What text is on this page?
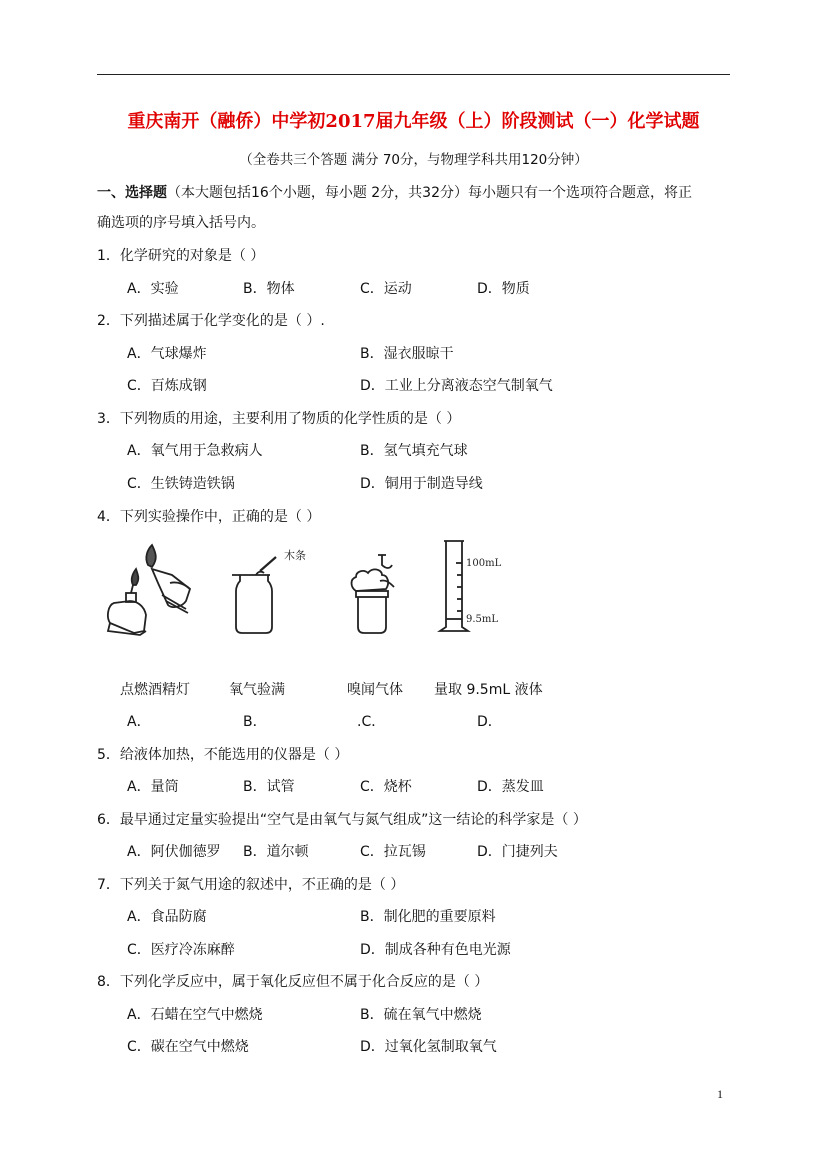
重庆南开（融侨）中学初2017届九年级（上）阶段测试（一）化学试题
（全卷共三个答题 满分 70分，与物理学科共用120分钟）
一、选择题（本大题包括16个小题，每小题 2分，共32分）每小题只有一个选项符合题意，将正
确选项的序号填入括号内。
1．化学研究的对象是（ ）
A．实验	B．物体	C．运动	D．物质
2．下列描述属于化学变化的是（ ）.
A．气球爆炸	B．湿衣服晾干
C．百炼成钢	D．工业上分离液态空气制氧气
3．下列物质的用途，主要利用了物质的化学性质的是（ ）
A．氧气用于急救病人	B．氢气填充气球
C．生铁铸造铁锅	D．铜用于制造导线
4．下列实验操作中，正确的是（ ）
木条
100mL
9.5mL
点燃酒精灯	氧气验满	嗅闻气体 量取 9.5mL 液体
A．	B．	.C．	D．
5．给液体加热，不能选用的仪器是（ ）
A．量筒	B．试管	C．烧杯	D．蒸发皿
6．最早通过定量实验提出“空气是由氧气与氮气组成”这一结论的科学家是（ ）
A．阿伏伽德罗 B．道尔顿	C．拉瓦锡	D．门捷列夫
7．下列关于氮气用途的叙述中，不正确的是（ ）
A．食品防腐	B．制化肥的重要原料
C．医疗冷冻麻醉	D．制成各种有色电光源
8．下列化学反应中，属于氧化反应但不属于化合反应的是（ ）
A．石蜡在空气中燃烧	B．硫在氧气中燃烧
C．碳在空气中燃烧	D．过氧化氢制取氧气
1
